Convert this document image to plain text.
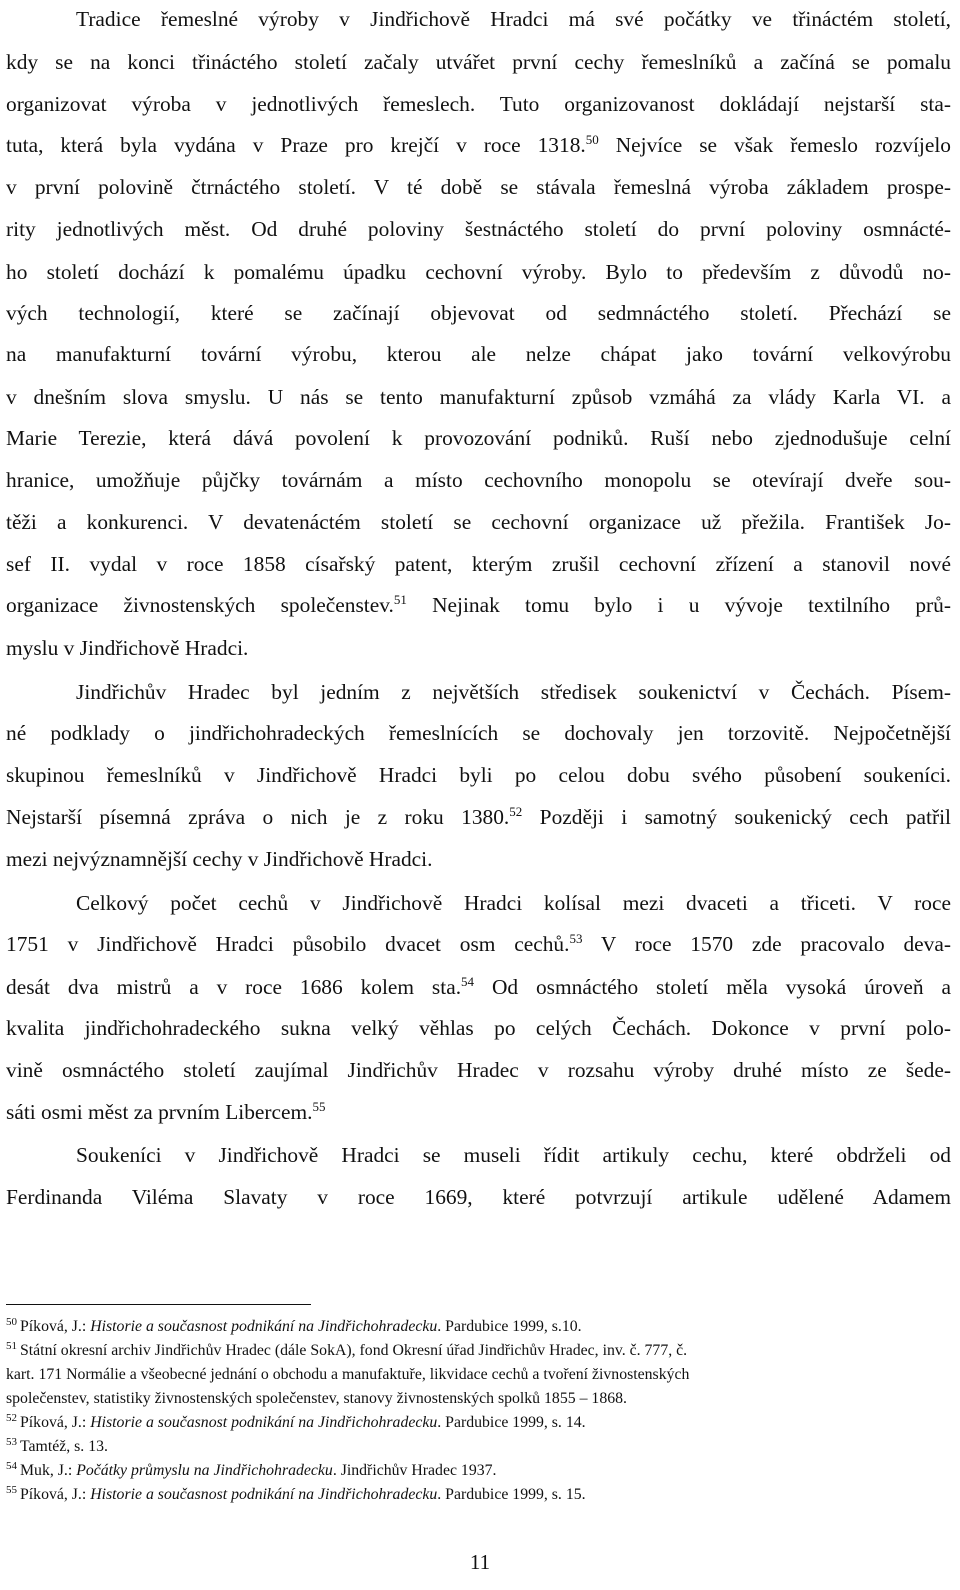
Tradice řemeslné výroby v Jindřichově Hradci má své počátky ve třináctém století,
kdy se na konci třináctého století začaly utvářet první cechy řemeslníků a začíná se pomalu
organizovat výroba v jednotlivých řemeslech. Tuto organizovanost dokládají nejstarší sta-
tuta, která byla vydána v Praze pro krejčí v roce 1318.50 Nejvíce se však řemeslo rozvíjelo
v první polovině čtrnáctého století. V té době se stávala řemeslná výroba základem prospe-
rity jednotlivých měst. Od druhé poloviny šestnáctého století do první poloviny osmnácté-
ho století dochází k pomalému úpadku cechovní výroby. Bylo to především z důvodů no-
vých technologií, které se začínají objevovat od sedmnáctého století. Přechází se
na manufakturní tovární výrobu, kterou ale nelze chápat jako tovární velkovýrobu
v dnešním slova smyslu. U nás se tento manufakturní způsob vzmáhá za vlády Karla VI. a
Marie Terezie, která dává povolení k provozování podniků. Ruší nebo zjednodušuje celní
hranice, umožňuje půjčky továrnám a místo cechovního monopolu se otevírají dveře sou-
těži a konkurenci. V devatenáctém století se cechovní organizace už přežila. František Jo-
sef II. vydal v roce 1858 císařský patent, kterým zrušil cechovní zřízení a stanovil nové
organizace živnostenských společenstev.$^{51}$ Nejinak tomu bylo i u vývoje textilního prů-
myslu v Jindřichově Hradci.
Jindřichův Hradec byl jedním z největších středisek soukenictví v Čechách. Písem-
né podklady o jindřichohradeckých řemeslnících se dochovaly jen torzovitě. Nejpočetnější
skupinou řemeslníků v Jindřichově Hradci byli po celou dobu svého působení soukeníci.
Nejstarší písemná zpráva o nich je z roku 1380.52 Později i samotný soukenický cech patřil
mezi nejvýznamnější cechy v Jindřichově Hradci.
Celkový počet cechů v Jindřichově Hradci kolísal mezi dvaceti a třiceti. V roce
1751 v Jindřichově Hradci působilo dvacet osm cechů.$^{53}$ V roce 1570 zde pracovalo deva-
desát dva mistrů a v roce 1686 kolem sta.$^{54}$ Od osmnáctého století měla vysoká úroveň a
kvalita jindřichohradeckého sukna velký věhlas po celých Čechách. Dokonce v první polo-
vině osmnáctého století zaujímal Jindřichův Hradec v rozsahu výroby druhé místo ze šede-
sáti osmi měst za prvním Libercem.$^{55}$
Soukeníci v Jindřichově Hradci se museli řídit artikuly cechu, které obdrželi od
Ferdinanda Viléma Slavaty v roce 1669, které potvrzují artikule udělené Adamem
$^{50}$ Píková, J.: Historie a současnost podnikání na Jindřichohradecku. Pardubice 1999, s.10.
$^{51}$ Státní okresní archiv Jindřichův Hradec (dále SokA), fond Okresní úřad Jindřichův Hradec, inv. č. 777, č.
kart. 171 Normálie a všeobecné jednání o obchodu a manufaktuře, likvidace cechů a tvoření živnostenských
společenstev, statistiky živnostenských společenstev, stanovy živnostenských spolků 1855 – 1868.
$^{52}$ Píková, J.: Historie a současnost podnikání na Jindřichohradecku. Pardubice 1999, s. 14.
$^{53}$ Tamtéž, s. 13.
$^{54}$ Muk, J.: Počátky průmyslu na Jindřichohradecku. Jindřichův Hradec 1937.
$^{55}$ Píková, J.: Historie a současnost podnikání na Jindřichohradecku. Pardubice 1999, s. 15.
11
